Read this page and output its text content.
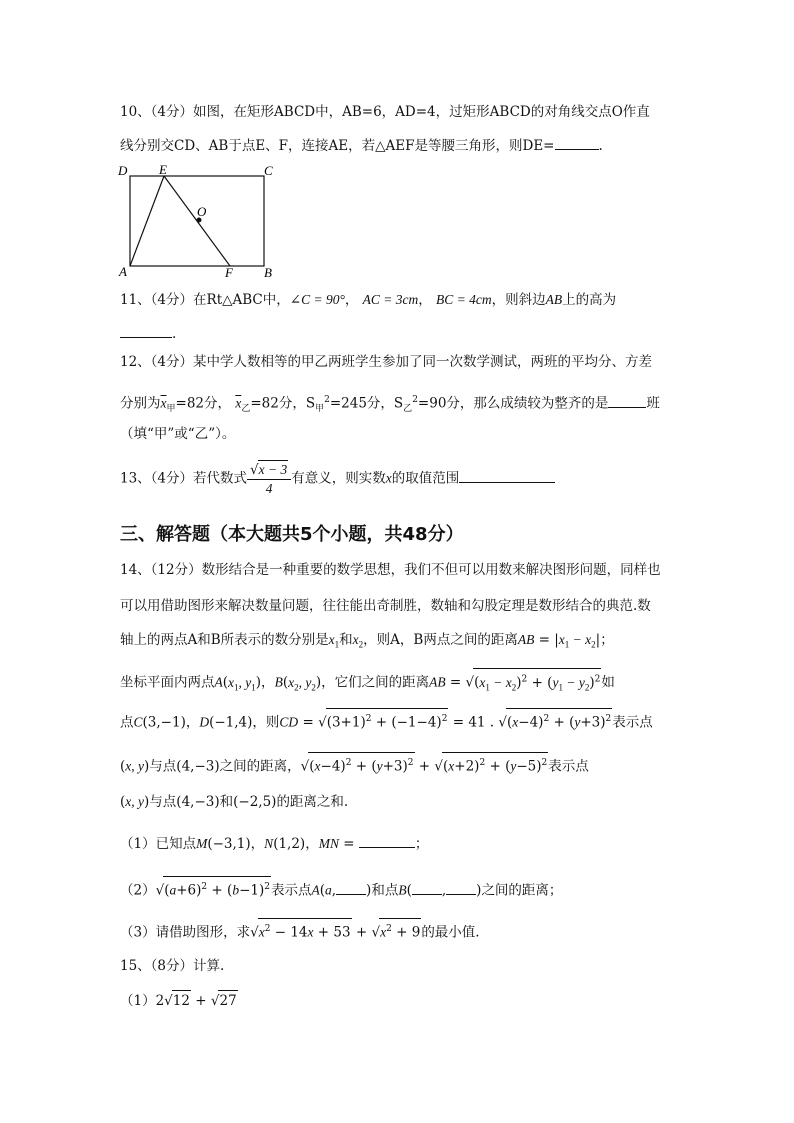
10、（4分）如图，在矩形ABCD中，AB=6，AD=4，过矩形ABCD的对角线交点O作直
线分别交CD、AB于点E、F，连接AE，若△AEF是等腰三角形，则DE=	.
D E	C
O
A	F B
11、（4分）在Rt△ABC中，∠C = 90°， AC = 3cm， BC = 4cm，则斜边AB上的高为
.
12、（4分）某中学人数相等的甲乙两班学生参加了同一次数学测试，两班的平均分、方差
分别为$\overline{x}_甲=82$分， $\overline{x}_乙=82$分，$S_甲^2=245$分，$S_乙^2=90$分，那么成绩较为整齐的是	班
（填“甲”或“乙”）。
13、（4分）若代数式 $\frac{√x - 3}{4}$ 有意义，则实数x的取值范围
三、解答题（本大题共5个小题，共48分）
14、（12分）数形结合是一种重要的数学思想，我们不但可以用数来解决图形问题，同样也
可以用借助图形来解决数量问题，往往能出奇制胜，数轴和勾股定理是数形结合的典范.数
轴上的两点A和B所表示的数分别是$x_1$和$x_2$，则A，B两点之间的距离AB = $|x_1 - x_2|$；
坐标平面内两点$A(x_1$, $y_1$)，$B(x_2$, $y_2$)，它们之间的距离AB = $√(x_1 - x_2)^2 + (y_1 - y_2)^2$如
点C(3,−1)，D(−1,4)，则CD = $√(3+1)^2 + (-1-4)^2 = 41$ . $√(x-4)^2 + (y+3)^2$表示点
(x, y)与点(4,−3)之间的距离，$√(x-4)^2 + (y+3)^2 + √(x+2)^2 + (y-5)^2$表示点
(x, y)与点(4,−3)和(−2,5)的距离之和.
（1）已知点M(−3,1)，N(1,2)，MN =	；
$(2)√(a+6)^2 + (b-1)^2$表示点A(a, )和点B( , )之间的距离；
（3）请借助图形，求$√x^2 - 14x + 53 + √x^2 + 9$的最小值.
15、（8分）计算.
（1）2√12 + √27
